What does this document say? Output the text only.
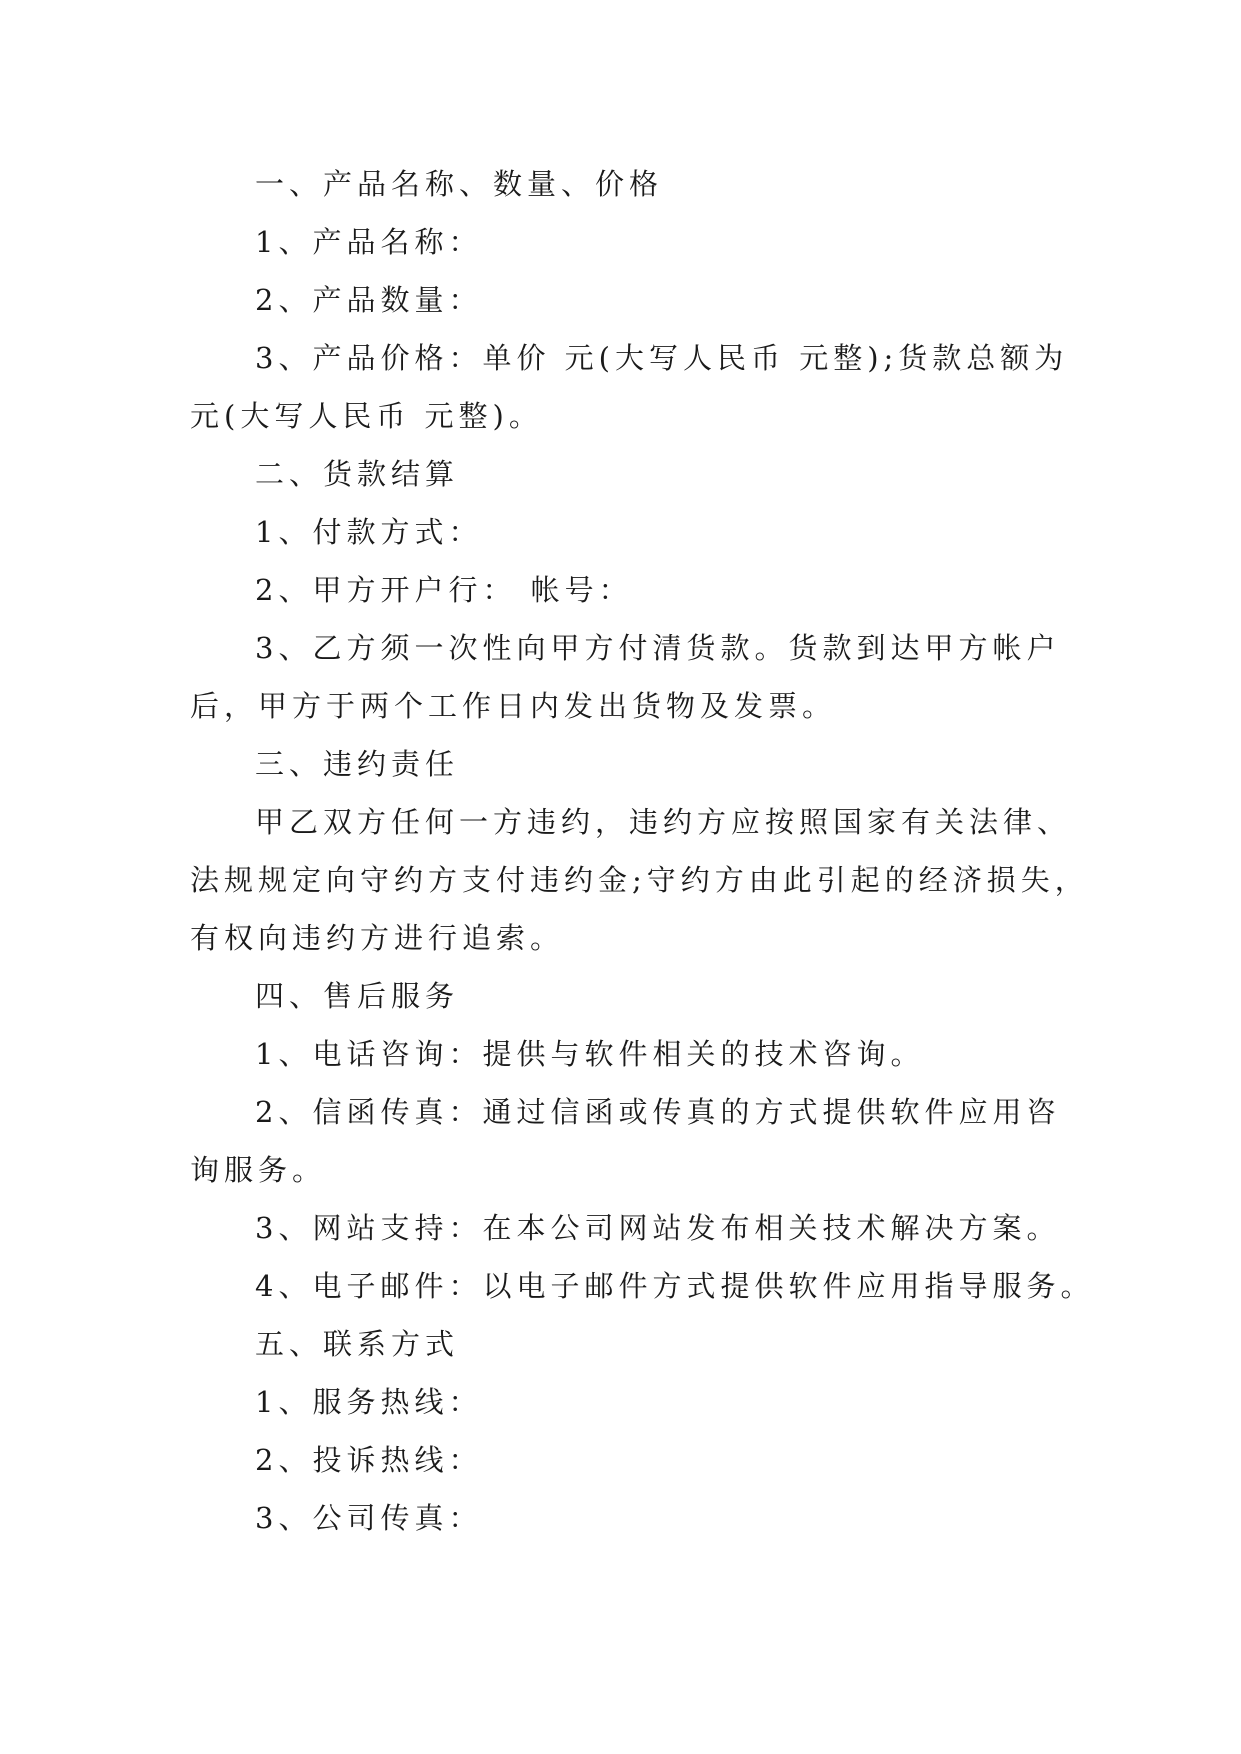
一、产品名称、数量、价格

1、产品名称：

2、产品数量：

3、产品价格：单价 元(大写人民币 元整);货款总额为

元(大写人民币 元整)。

二、货款结算

1、付款方式：

2、甲方开户行： 帐号：

3、乙方须一次性向甲方付清货款。货款到达甲方帐户

后，甲方于两个工作日内发出货物及发票。

三、违约责任

甲乙双方任何一方违约，违约方应按照国家有关法律、

法规规定向守约方支付违约金;守约方由此引起的经济损失，

有权向违约方进行追索。

四、售后服务

1、电话咨询：提供与软件相关的技术咨询。

2、信函传真：通过信函或传真的方式提供软件应用咨

询服务。

3、网站支持：在本公司网站发布相关技术解决方案。

4、电子邮件：以电子邮件方式提供软件应用指导服务。

五、联系方式

1、服务热线：

2、投诉热线：

3、公司传真：
